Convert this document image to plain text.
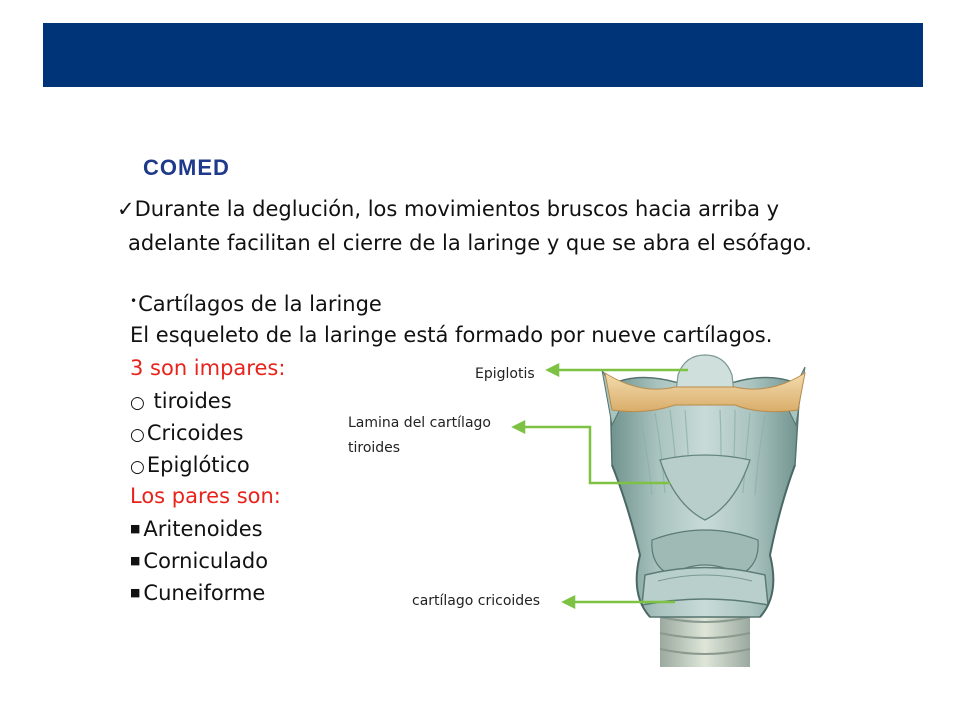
COMED
✓Durante la deglución, los movimientos bruscos hacia arriba y
adelante facilitan el cierre de la laringe y que se abra el esófago.
•Cartílagos de la laringe
El esqueleto de la laringe está formado por nueve cartílagos.
3 son impares:
○ tiroides
○Cricoides
○Epiglótico
Los pares son:
■ Aritenoides
■ Corniculado
■ Cuneiforme
Epiglotis
Lamina del cartílago
tiroides
cartílago cricoides
